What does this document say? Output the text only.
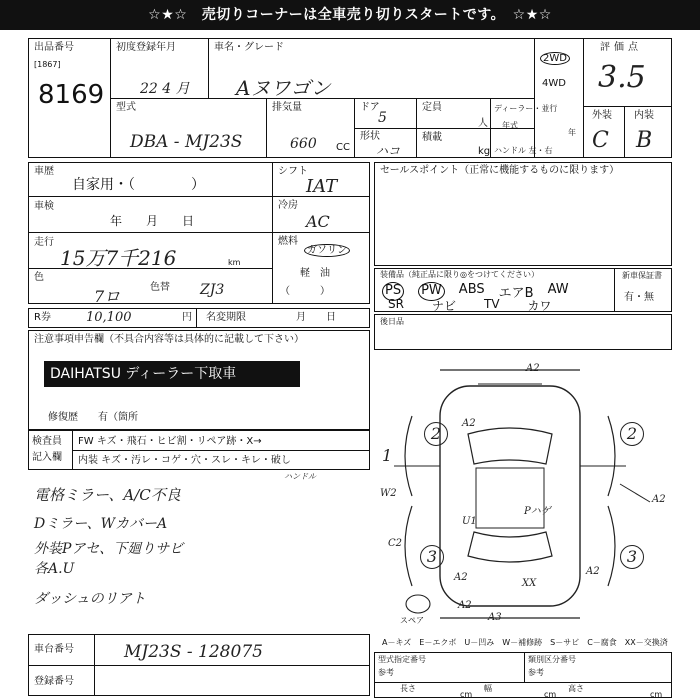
☆★☆　売切りコーナーは全車売り切りスタートです。　☆★☆
出品番号
[1867]
8169
初度登録年月
22 4 月
車名・グレード
Aヌワゴン
2WD
4WD
評価点
3.5
型式
DBA - MJ23S
排気量
660 CC
ドア
5
形状
ハコ
定員
人
積載
kg
ディーラー・並行
年式
年
ハンドル 左・右
外装 内装
C B
車歴
自家用・（　　　　）
車検
年　　月　　日
走行
15万7千216	km
色
7ロ	色替 ZJ3
シフト
IAT
冷房
AC
燃料
ガソリン
軽　油
（　　　）
セールスポイント（正常に機能するものに限ります）
装備品（純正品に限り◎をつけてください）
PS PW ABS エアB AW
SR ナビ TV カワ
新車保証書
有・無
R券	10,100	円 名変期限	月　　日	後日品
注意事項申告欄（不具合内容等は具体的に記載して下さい）
DAIHATSU ディーラー下取車
修復歴　　有（箇所
検査員
記入欄
FW キズ・飛石・ヒビ割・リペア跡・X→
内装 キズ・汚レ・コゲ・穴・スレ・キレ・破し
ハンドル
1
電格ミラー、A/C不良
Dミラー、WカバーA
外装Pアセ、下廻りサビ
各A.U
ダッシュのリアト
A2
A2
2	2
W2
U1
Pハゲ
A2
C2
3	3
A2
XX
A2
スペア	A3
A2
A－キズ　E－エクボ　U－凹み　W－補修跡　S－サビ　C－腐食　XX－交換済
車台番号	MJ23S - 128075
登録番号
型式指定番号
参考
類別区分番号
参考
長さ	幅	高さ
cm	cm	cm
